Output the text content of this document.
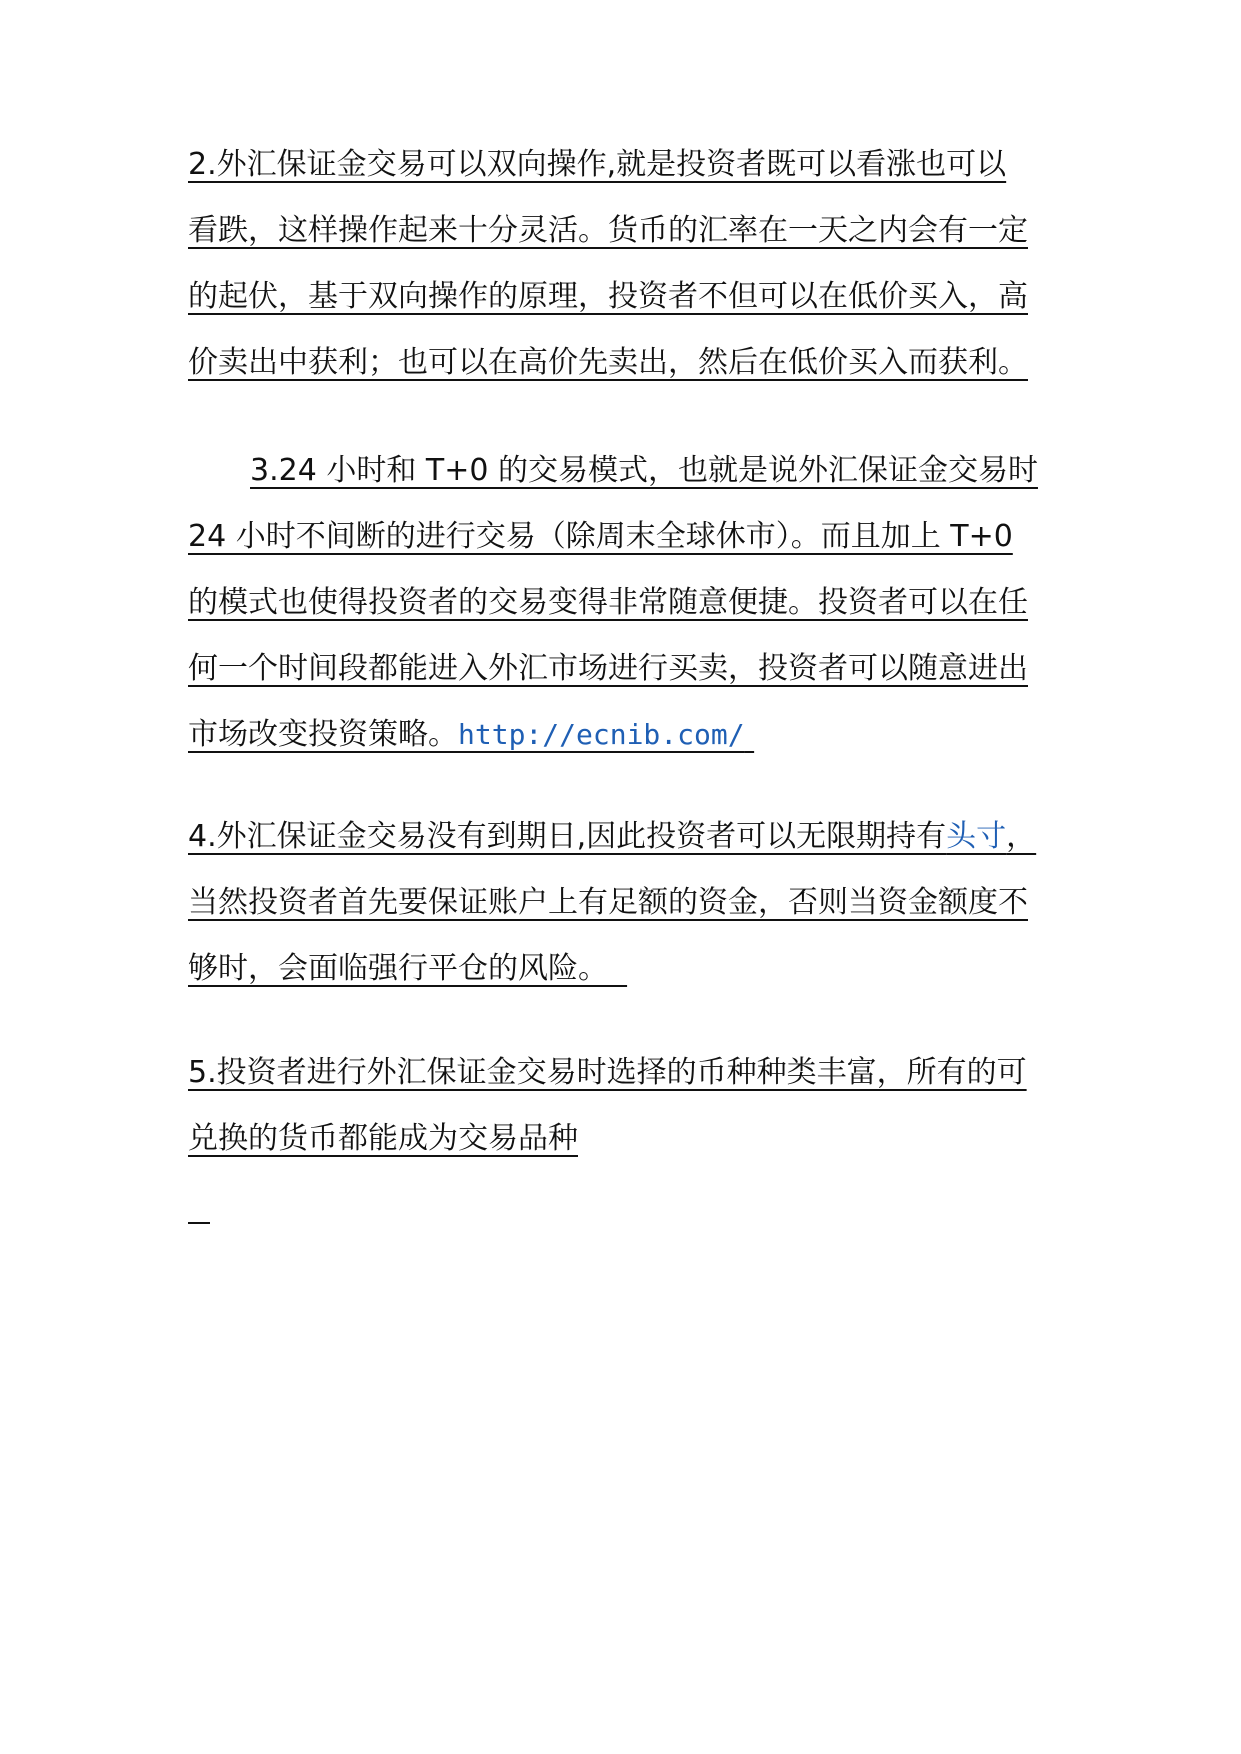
2.外汇保证金交易可以双向操作,就是投资者既可以看涨也可以
看跌，这样操作起来十分灵活。货币的汇率在一天之内会有一定
的起伏，基于双向操作的原理，投资者不但可以在低价买入，高
价卖出中获利；也可以在高价先卖出，然后在低价买入而获利。
3.24 小时和 T+0 的交易模式，也就是说外汇保证金交易时
24 小时不间断的进行交易（除周末全球休市）。而且加上 T+0
的模式也使得投资者的交易变得非常随意便捷。投资者可以在任
何一个时间段都能进入外汇市场进行买卖，投资者可以随意进出
市场改变投资策略。http://ecnib.com/
4.外汇保证金交易没有到期日,因此投资者可以无限期持有头寸，
当然投资者首先要保证账户上有足额的资金，否则当资金额度不
够时，会面临强行平仓的风险。
5.投资者进行外汇保证金交易时选择的币种种类丰富，所有的可
兑换的货币都能成为交易品种
